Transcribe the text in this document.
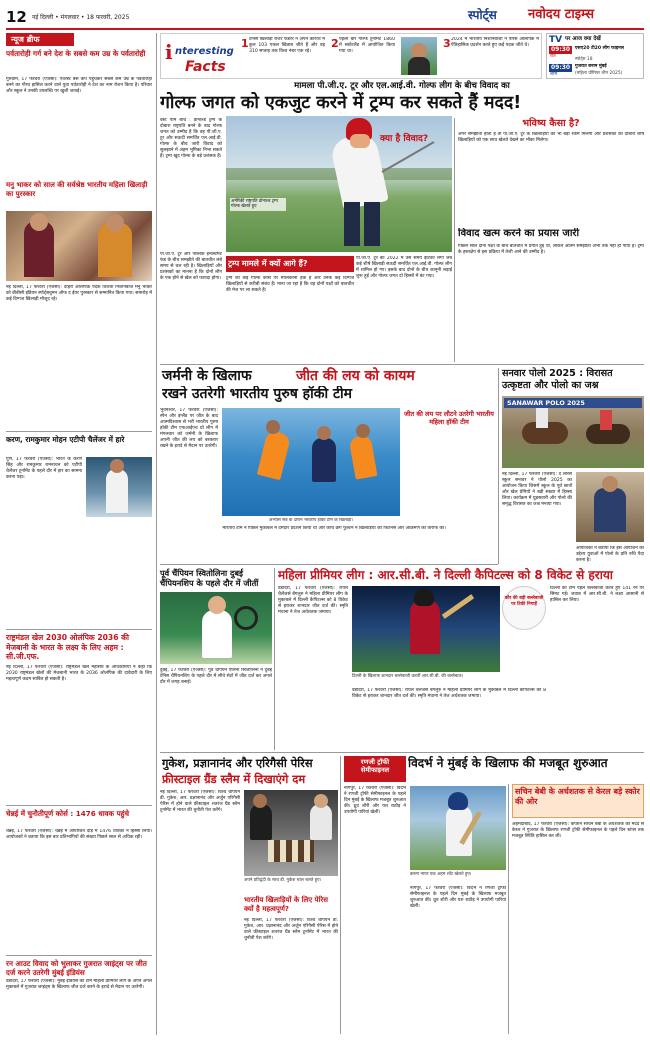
12 नई दिल्ली • मंगलवार • 18 फरवरी, 2025	स्पोर्ट्स नवोदय टाइम्स
न्यूज ब्रीफ
पर्वतारोही गर्ग बने देश के सबसे कम उम्र के पर्वतारोही
गुरुग्राम, 17 फरवरी (एजेंसी): एवरेस्ट बेस कैंप पहुंचकर सबसे कम उम्र के पर्वतारोही बनने का गौरव हासिल करने वाले युवा पर्वतारोही ने देश का नाम रोशन किया है। परिवार और स्कूल ने उनकी उपलब्धि पर खुशी जताई।
मनु भाकर को साल की सर्वश्रेष्ठ भारतीय महिला खिलाड़ी का पुरस्कार
नई दिल्ली, 17 फरवरी (एजेंसी): दोहरी ओलंपिक पदक विजेता निशानेबाज मनु भाकर को बीबीसी इंडियन स्पोर्ट्सवुमन ऑफ द ईयर पुरस्कार से सम्मानित किया गया। समारोह में कई दिग्गज खिलाड़ी मौजूद रहे।
करण, रामकुमार मोहन एटीपी चैलेंजर में हारे
पुणे, 17 फरवरी (एजेंसी): भारत के करण सिंह और रामकुमार रामनाथन को एटीपी चैलेंजर टूर्नामेंट के पहले दौर में हार का सामना करना पड़ा।
राष्ट्रमंडल खेल 2030 ओलंपिक 2036 की मेजबानी के भारत के लक्ष्य के लिए अहम : सी.जी.एफ.
नई दिल्ली, 17 फरवरी (एजेंसी): राष्ट्रमंडल खेल महासंघ के अधिकारियों ने कहा कि 2030 राष्ट्रमंडल खेलों की मेजबानी भारत के 2036 ओलंपिक की दावेदारी के लिए महत्वपूर्ण कदम साबित हो सकती है।
चेन्नई में चुनौतीपूर्ण कोर्स : 1476 धावक पहुंचे
चेन्नई, 17 फरवरी (एजेंसी): चेन्नई में आयोजित दौड़ में 1476 धावकों ने हिस्सा लिया। आयोजकों ने बताया कि इस बार प्रतिभागियों की संख्या पिछले साल से अधिक रही।
रन आउट विवाद को भुलाकर गुजरात जाइंट्स पर जीत दर्ज करने उतरेगी मुंबई इंडियंस
वडोदरा, 17 फरवरी (एजेंसी): मुंबई इंडियंस की टीम महिला प्रीमियर लीग के अपने अगले मुकाबले में गुजरात जाइंट्स के खिलाफ जीत दर्ज करने के इरादे से मैदान पर उतरेगी।
i nteresting
Facts
1 टेनिस खिलाड़ी रोजर फेडरर ने अपने करियर में कुल 103 एकल खिताब जीते हैं और वह 310 सप्ताह तक विश्व नंबर एक रहे।
2 पहली बार गोल्फ टूर्नामेंट 1860 में स्कॉटलैंड में आयोजित किया गया था।
3 2024 में भारतीय निशानेबाजों ने पेरिस ओलंपिक में ऐतिहासिक प्रदर्शन करते हुए कई पदक जीते थे।
TV पर आज क्या देखें
09:30
रात
एसए20 टी20 लीग फाइनल
स्पोर्ट्स 18
09:30
शाम
गुजरात बनाम मुंबई
(महिला प्रीमियर लीग 2025)
मामला पी.जी.ए. टूर और एल.आई.वी. गोल्फ लीग के बीच विवाद का
गोल्फ जगत को एकजुट करने में ट्रम्प कर सकते हैं मदद!
वेस्ट पॉम बीच : डोनाल्ड ट्रम्प के दोबारा राष्ट्रपति बनने के बाद गोल्फ जगत को उम्मीद है कि वह पी.जी.ए. टूर और सऊदी समर्थित एल.आई.वी. गोल्फ के बीच जारी विवाद को सुलझाने में अहम भूमिका निभा सकते हैं। ट्रम्प खुद गोल्फ के बड़े प्रशंसक हैं।
अमेरिकी राष्ट्रपति डोनाल्ड ट्रम्प गोल्फ खेलते हुए
पी.जी.ए. टूर और पब्लिक इन्वेस्टमेंट फंड के बीच समझौते की बातचीत लंबे समय से चल रही है। खिलाड़ियों और प्रशंसकों का मानना है कि दोनों लीग के एक होने से खेल को फायदा होगा।
ट्रम्प मामले में क्यों आगे हैं?
ट्रम्प का कई गोल्फ कोर्स पर मालिकाना हक है और उनके कई दिग्गज खिलाड़ियों से करीबी संबंध हैं। माना जा रहा है कि वह दोनों पक्षों को बातचीत की मेज पर ला सकते हैं।
क्या है विवाद?
पी.जी.ए. टूर को 2022 में उस समय झटका लगा जब कई शीर्ष खिलाड़ी सऊदी समर्थित एल.आई.वी. गोल्फ लीग में शामिल हो गए। इसके बाद दोनों के बीच कानूनी लड़ाई शुरू हुई और गोल्फ जगत दो हिस्सों में बंट गया।
भविष्य कैसा है?
अगर समझौता होता है तो पी.जी.ए. टूर के खिलाड़ियों को भी बड़ी रकम मिलेगी और प्रशंसकों को दोबारा शीर्ष खिलाड़ियों को एक साथ खेलते देखने का मौका मिलेगा।
विवाद खत्म करने का प्रयास जारी
पिछले साल दोनों पक्षों के बीच बातचीत में प्रगति हुई थी, लेकिन अंतिम समझौता अभी तक नहीं हो पाया है। ट्रम्प के हस्तक्षेप से इस प्रक्रिया में तेजी आने की उम्मीद है।
जर्मनी के खिलाफ	जीत की लय को कायम
रखने उतरेगी भारतीय पुरुष हॉकी टीम
भुवनेश्वर, 17 फरवरी (एजेंसी): स्पेन और इंग्लैंड पर जीत के बाद आत्मविश्वास से भरी भारतीय पुरुष हॉकी टीम एफआईएच प्रो लीग में मंगलवार को जर्मनी के खिलाफ अपनी जीत की लय को बरकरार रखने के इरादे से मैदान पर उतरेगी।
जीत की लय पर लौटने उतरेगी भारतीय महिला हॉकी टीम
अभ्यास सत्र के दौरान भारतीय हॉकी टीम के खिलाड़ी।
भारतीय टीम ने पिछले मुकाबले में दमदार प्रदर्शन किया था और कोच क्रेग फुल्टन ने खिलाड़ियों की फिटनेस और आक्रमण की तारीफ की।
सनवार पोलो 2025 : विरासत उत्कृष्टता और पोलो का जश्न
SANAWAR POLO 2025
नई दिल्ली, 17 फरवरी (एजेंसी): द लॉरेंस स्कूल सनावर ने पोलो 2025 का आयोजन किया जिसमें स्कूल के पूर्व छात्रों और खेल प्रेमियों ने बड़ी संख्या में हिस्सा लिया। कार्यक्रम में घुड़सवारी और पोलो की समृद्ध विरासत का जश्न मनाया गया।
आयोजकों ने बताया कि इस आयोजन का उद्देश्य युवाओं में पोलो के प्रति रुचि पैदा करना है।
पूर्व चैंपियन स्वितोलिना दुबई चैंपियनशिप के पहले दौर में जीतीं
दुबई, 17 फरवरी (एजेंसी): पूर्व चैंपियन एलिना स्वितोलिना ने दुबई टेनिस चैंपियनशिप के पहले दौर में सीधे सेटों में जीत दर्ज कर अगले दौर में जगह बनाई।
महिला प्रीमियर लीग : आर.सी.बी. ने दिल्ली कैपिटल्स को 8 विकेट से हराया
वडोदरा, 17 फरवरी (एजेंसी): रॉयल चैलेंजर्स बेंगलुरु ने महिला प्रीमियर लीग के मुकाबले में दिल्ली कैपिटल्स को 8 विकेट से हराकर शानदार जीत दर्ज की। स्मृति मंधाना ने तेज अर्धशतक जमाया।
कौर की बड़ी बल्लेबाजी पर टिकी निगाहें
दिल्ली के खिलाफ शानदार बल्लेबाजी करतीं आर.सी.बी. की बल्लेबाज।
दिल्ली की टीम पहले बल्लेबाजी करते हुए 141 रन पर सिमट गई। जवाब में आर.सी.बी. ने लक्ष्य आसानी से हासिल कर लिया।
वडोदरा, 17 फरवरी (एजेंसी): रॉयल चैलेंजर्स बेंगलुरु ने महिला प्रीमियर लीग के मुकाबले में दिल्ली कैपिटल्स को 8 विकेट से हराकर शानदार जीत दर्ज की। स्मृति मंधाना ने तेज अर्धशतक जमाया।
गुकेश, प्रज्ञानानंद और एरिगैसी पेरिस
फ्रीस्टाइल ग्रैंड स्लैम में दिखाएंगे दम
नई दिल्ली, 17 फरवरी (एजेंसी): विश्व चैंपियन डी. गुकेश, आर. प्रज्ञानानंद और अर्जुन एरिगैसी पेरिस में होने वाले फ्रीस्टाइल शतरंज ग्रैंड स्लैम टूर्नामेंट में भारत की चुनौती पेश करेंगे।
अपने प्रतिद्वंदी के साथ डी. गुकेश चाल चलते हुए।
भारतीय खिलाड़ियों के लिए पेरिस क्यों है महत्वपूर्ण?
नई दिल्ली, 17 फरवरी (एजेंसी): विश्व चैंपियन डी. गुकेश, आर. प्रज्ञानानंद और अर्जुन एरिगैसी पेरिस में होने वाले फ्रीस्टाइल शतरंज ग्रैंड स्लैम टूर्नामेंट में भारत की चुनौती पेश करेंगे।
रणजी ट्रॉफी सेमीफाइनल	विदर्भ ने मुंबई के खिलाफ की मजबूत शुरुआत
नागपुर, 17 फरवरी (एजेंसी): विदर्भ ने रणजी ट्रॉफी सेमीफाइनल के पहले दिन मुंबई के खिलाफ मजबूत शुरुआत की। ध्रुव शौरी और यश राठौड़ ने उपयोगी पारियां खेलीं।
करुण नायर एक अहम शॉट खेलते हुए।
नागपुर, 17 फरवरी (एजेंसी): विदर्भ ने रणजी ट्रॉफी सेमीफाइनल के पहले दिन मुंबई के खिलाफ मजबूत शुरुआत की। ध्रुव शौरी और यश राठौड़ ने उपयोगी पारियां खेलीं।
सचिन बेबी के अर्धशतक से केरल बड़े स्कोर की ओर
अहमदाबाद, 17 फरवरी (एजेंसी): कप्तान सचिन बेबी के अर्धशतक की मदद से केरल ने गुजरात के खिलाफ रणजी ट्रॉफी सेमीफाइनल के पहले दिन स्टंप्स तक मजबूत स्थिति हासिल कर ली।
